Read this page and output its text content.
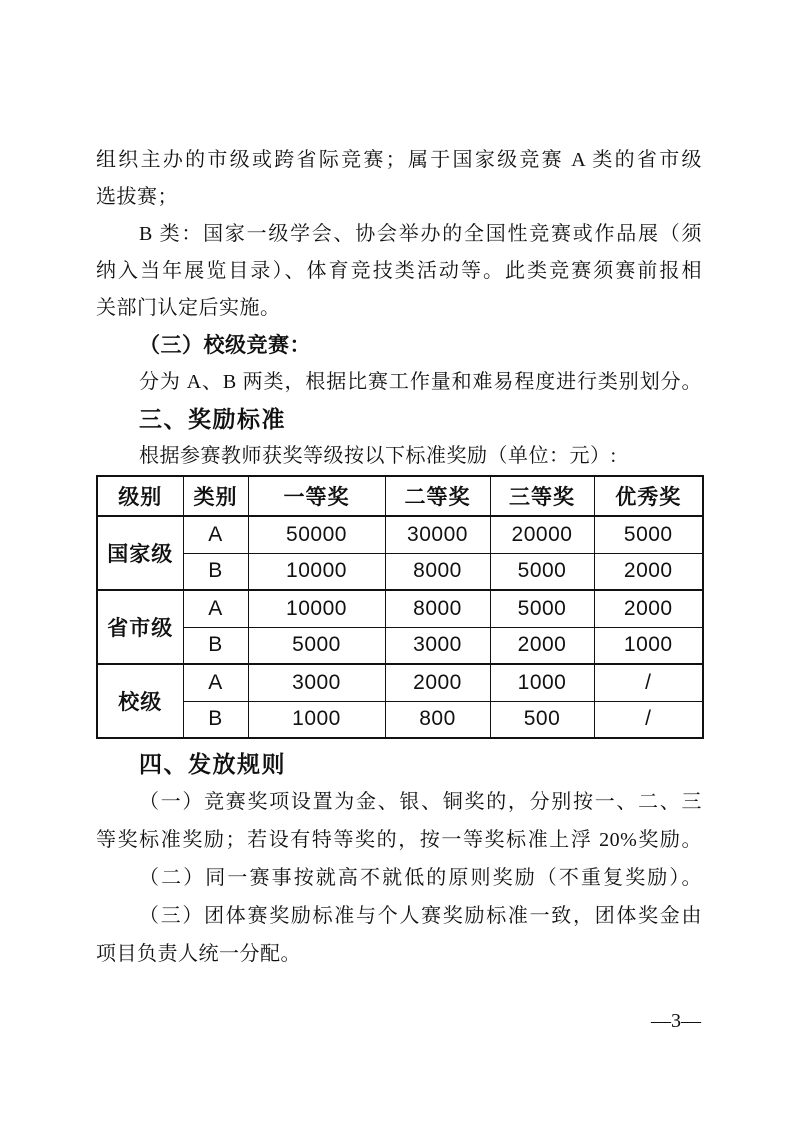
组织主办的市级或跨省际竞赛；属于国家级竞赛 A 类的省市级
选拔赛；
B 类：国家一级学会、协会举办的全国性竞赛或作品展（须
纳入当年展览目录）、体育竞技类活动等。此类竞赛须赛前报相
关部门认定后实施。
（三）校级竞赛：
分为 A、B 两类，根据比赛工作量和难易程度进行类别划分。
三、奖励标准
根据参赛教师获奖等级按以下标准奖励（单位：元）:
级别	类别	一等奖	二等奖	三等奖	优秀奖
国家级	A	50000	30000	20000	5000
	B	10000	8000	5000	2000
省市级	A	10000	8000	5000	2000
	B	5000	3000	2000	1000
校级	A	3000	2000	1000	/
	B	1000	800	500	/
四、发放规则
（一）竞赛奖项设置为金、银、铜奖的，分别按一、二、三
等奖标准奖励；若设有特等奖的，按一等奖标准上浮 20%奖励。
（二）同一赛事按就高不就低的原则奖励（不重复奖励）。
（三）团体赛奖励标准与个人赛奖励标准一致，团体奖金由
项目负责人统一分配。
—3—
